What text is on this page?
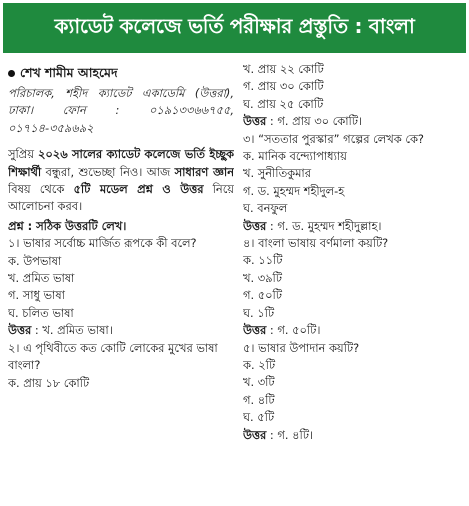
ক্যাডেট কলেজে ভর্তি পরীক্ষার প্রস্তুতি : বাংলা

শেখ শামীম আহমেদ

পরিচালক, শহীদ ক্যাডেট একাডেমি (উত্তরা), ঢাকা। ফোন : ০১৯১৩৩৬৬৭৫৫, ০১৭১৪-৩৫৯৬৯২

সুপ্রিয় ২০২৬ সালের ক্যাডেট কলেজে ভর্তি ইচ্ছুক শিক্ষার্থী বন্ধুরা, শুভেচ্ছা নিও। আজ সাধারণ জ্ঞান বিষয় থেকে ৫টি মডেল প্রশ্ন ও উত্তর নিয়ে আলোচনা করব।

প্রশ্ন : সঠিক উত্তরটি লেখ।

১। ভাষার সর্বোচ্চ মার্জিত রূপকে কী বলে?

ক. উপভাষা

খ. প্রমিত ভাষা

গ. সাধু ভাষা

ঘ. চলিত ভাষা

উত্তর : খ. প্রমিত ভাষা।

২। এ পৃথিবীতে কত কোটি লোকের মুখের ভাষা বাংলা?

ক. প্রায় ১৮ কোটি

খ. প্রায় ২২ কোটি

গ. প্রায় ৩০ কোটি

ঘ. প্রায় ২৫ কোটি

উত্তর : গ. প্রায় ৩০ কোটি।

৩। “সততার পুরস্কার” গল্পের লেখক কে?

ক. মানিক বন্দ্যোপাধ্যায়

খ. সুনীতিকুমার

গ. ড. মুহম্মদ শহীদুল-হ

ঘ. বনফুল

উত্তর : গ. ড. মুহম্মদ শহীদুল্লাহ।

৪। বাংলা ভাষায় বর্ণমালা কয়টি?

ক. ১১টি

খ. ৩৯টি

গ. ৫০টি

ঘ. ১টি

উত্তর : গ. ৫০টি।

৫। ভাষার উপাদান কয়টি?

ক. ২টি

খ. ৩টি

গ. ৪টি

ঘ. ৫টি

উত্তর : গ. ৪টি।
